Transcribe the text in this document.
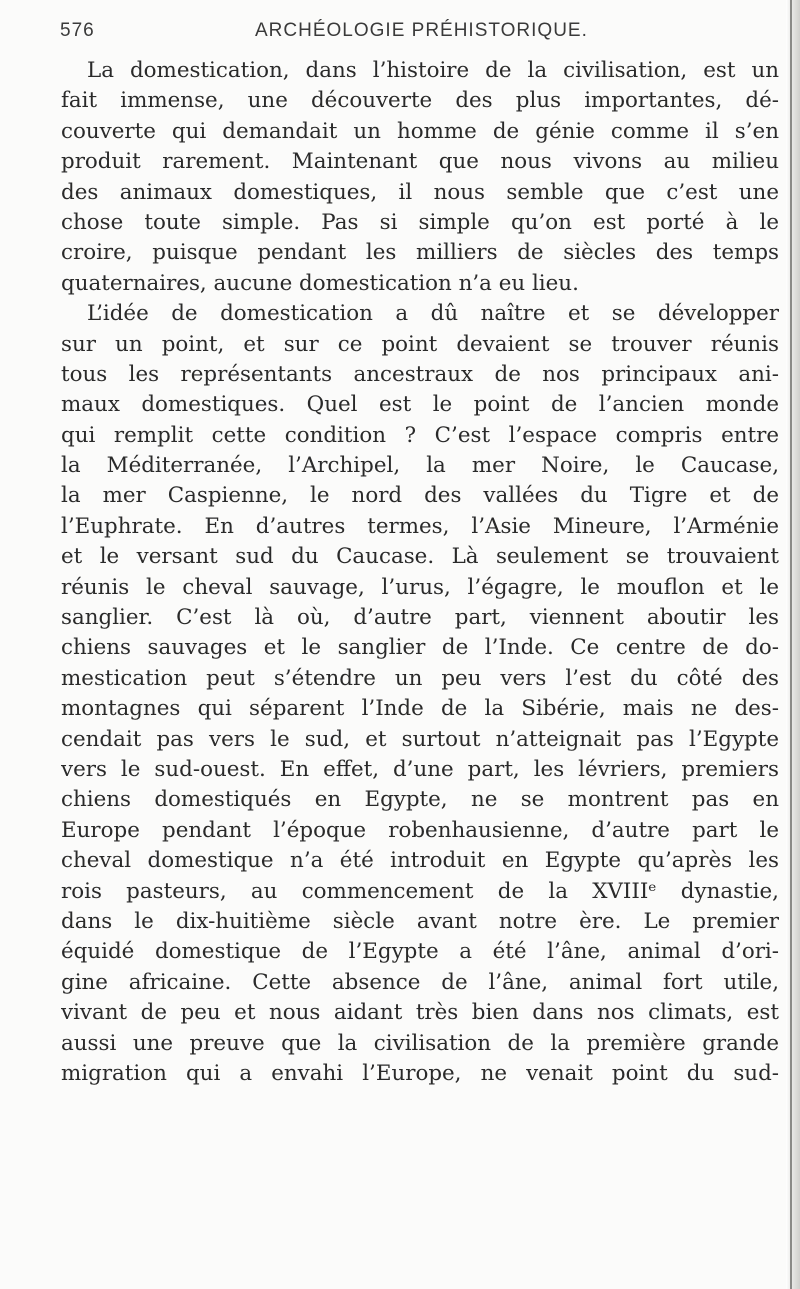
576	ARCHÉOLOGIE PRÉHISTORIQUE.
La domestication, dans l’histoire de la civilisation, est un
fait immense, une découverte des plus importantes, dé-
couverte qui demandait un homme de génie comme il s’en
produit rarement. Maintenant que nous vivons au milieu
des animaux domestiques, il nous semble que c’est une
chose toute simple. Pas si simple qu’on est porté à le
croire, puisque pendant les milliers de siècles des temps
quaternaires, aucune domestication n’a eu lieu.
L’idée de domestication a dû naître et se développer
sur un point, et sur ce point devaient se trouver réunis
tous les représentants ancestraux de nos principaux ani-
maux domestiques. Quel est le point de l’ancien monde
qui remplit cette condition ? C’est l’espace compris entre
la Méditerranée, l’Archipel, la mer Noire, le Caucase,
la mer Caspienne, le nord des vallées du Tigre et de
l’Euphrate. En d’autres termes, l’Asie Mineure, l’Arménie
et le versant sud du Caucase. Là seulement se trouvaient
réunis le cheval sauvage, l’urus, l’égagre, le mouflon et le
sanglier. C’est là où, d’autre part, viennent aboutir les
chiens sauvages et le sanglier de l’Inde. Ce centre de do-
mestication peut s’étendre un peu vers l’est du côté des
montagnes qui séparent l’Inde de la Sibérie, mais ne des-
cendait pas vers le sud, et surtout n’atteignait pas l’Egypte
vers le sud-ouest. En effet, d’une part, les lévriers, premiers
chiens domestiqués en Egypte, ne se montrent pas en
Europe pendant l’époque robenhausienne, d’autre part le
cheval domestique n’a été introduit en Egypte qu’après les
rois pasteurs, au commencement de la XVIIIᵉ dynastie,
dans le dix-huitième siècle avant notre ère. Le premier
équidé domestique de l’Egypte a été l’âne, animal d’ori-
gine africaine. Cette absence de l’âne, animal fort utile,
vivant de peu et nous aidant très bien dans nos climats, est
aussi une preuve que la civilisation de la première grande
migration qui a envahi l’Europe, ne venait point du sud-
